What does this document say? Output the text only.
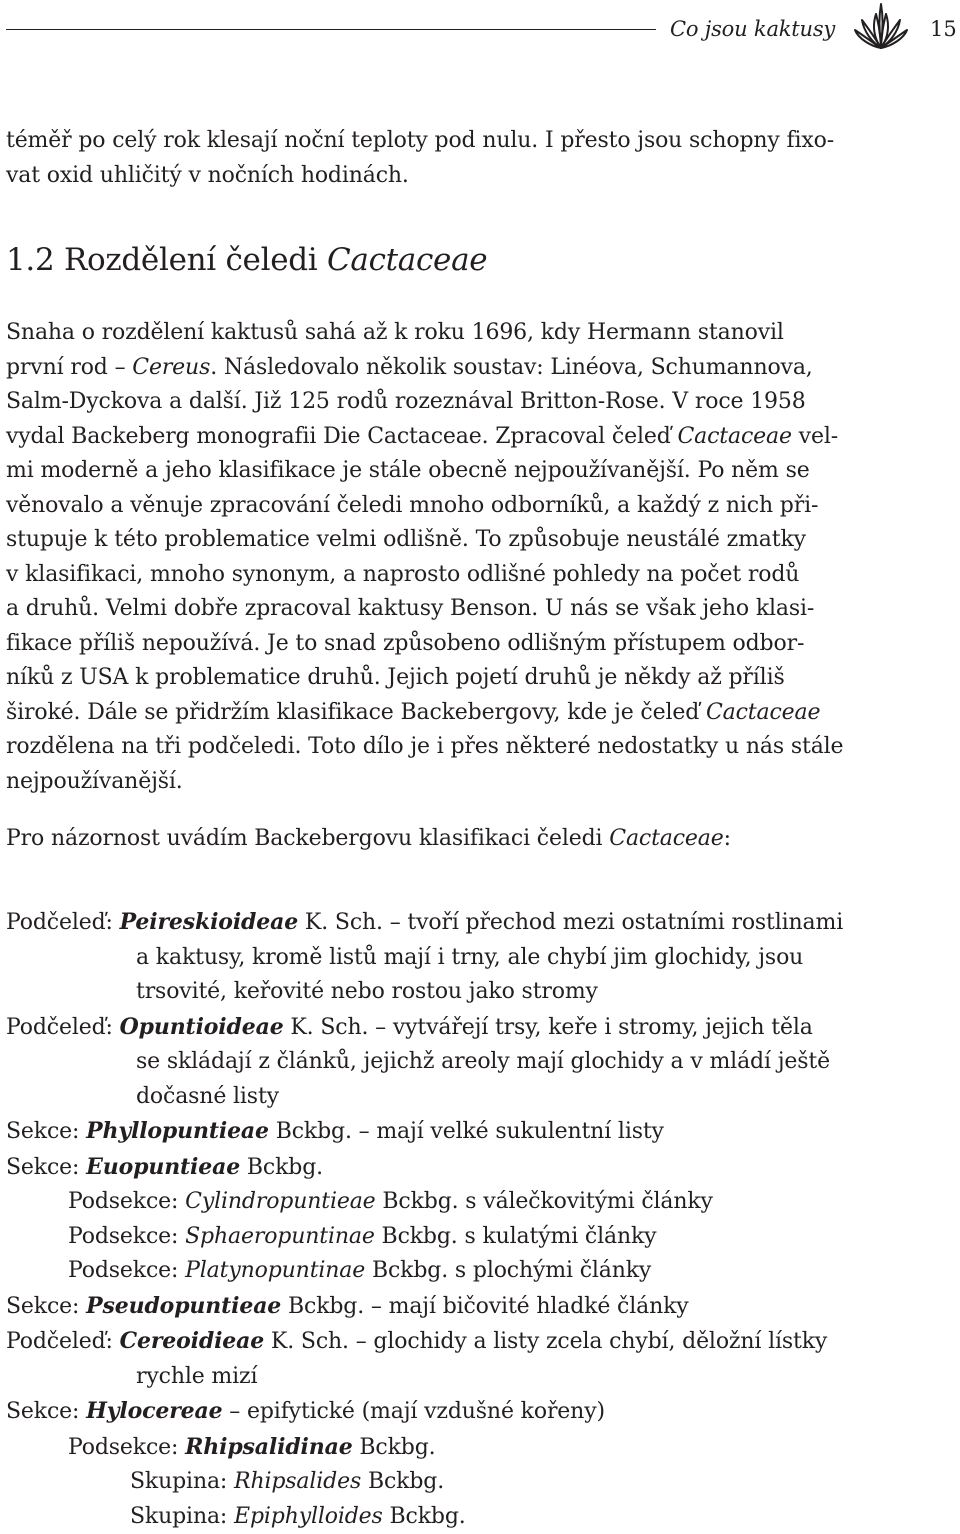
Co jsou kaktusy	15
téměř po celý rok klesají noční teploty pod nulu. I přesto jsou schopny fixo-
vat oxid uhličitý v nočních hodinách.
1.2 Rozdělení čeledi Cactaceae
Snaha o rozdělení kaktusů sahá až k roku 1696, kdy Hermann stanovil
první rod – Cereus. Následovalo několik soustav: Linéova, Schumannova,
Salm-Dyckova a další. Již 125 rodů rozeznával Britton-Rose. V roce 1958
vydal Backeberg monografii Die Cactaceae. Zpracoval čeleď Cactaceae vel-
mi moderně a jeho klasifikace je stále obecně nejpoužívanější. Po něm se
věnovalo a věnuje zpracování čeledi mnoho odborníků, a každý z nich při-
stupuje k této problematice velmi odlišně. To způsobuje neustálé zmatky
v klasifikaci, mnoho synonym, a naprosto odlišné pohledy na počet rodů
a druhů. Velmi dobře zpracoval kaktusy Benson. U nás se však jeho klasi-
fikace příliš nepoužívá. Je to snad způsobeno odlišným přístupem odbor-
níků z USA k problematice druhů. Jejich pojetí druhů je někdy až příliš
široké. Dále se přidržím klasifikace Backebergovy, kde je čeleď Cactaceae
rozdělena na tři podčeledi. Toto dílo je i přes některé nedostatky u nás stále
nejpoužívanější.
Pro názornost uvádím Backebergovu klasifikaci čeledi Cactaceae:
Podčeleď: Peireskioideae K. Sch. – tvoří přechod mezi ostatními rostlinami
a kaktusy, kromě listů mají i trny, ale chybí jim glochidy, jsou
trsovité, keřovité nebo rostou jako stromy
Podčeleď: Opuntioideae K. Sch. – vytvářejí trsy, keře i stromy, jejich těla
se skládají z článků, jejichž areoly mají glochidy a v mládí ještě
dočasné listy
Sekce: Phyllopuntieae Bckbg. – mají velké sukulentní listy
Sekce: Euopuntieae Bckbg.
Podsekce: Cylindropuntieae Bckbg. s válečkovitými články
Podsekce: Sphaeropuntinae Bckbg. s kulatými články
Podsekce: Platynopuntinae Bckbg. s plochými články
Sekce: Pseudopuntieae Bckbg. – mají bičovité hladké články
Podčeleď: Cereoidieae K. Sch. – glochidy a listy zcela chybí, děložní lístky
rychle mizí
Sekce: Hylocereae – epifytické (mají vzdušné kořeny)
Podsekce: Rhipsalidinae Bckbg.
Skupina: Rhipsalides Bckbg.
Skupina: Epiphylloides Bckbg.
